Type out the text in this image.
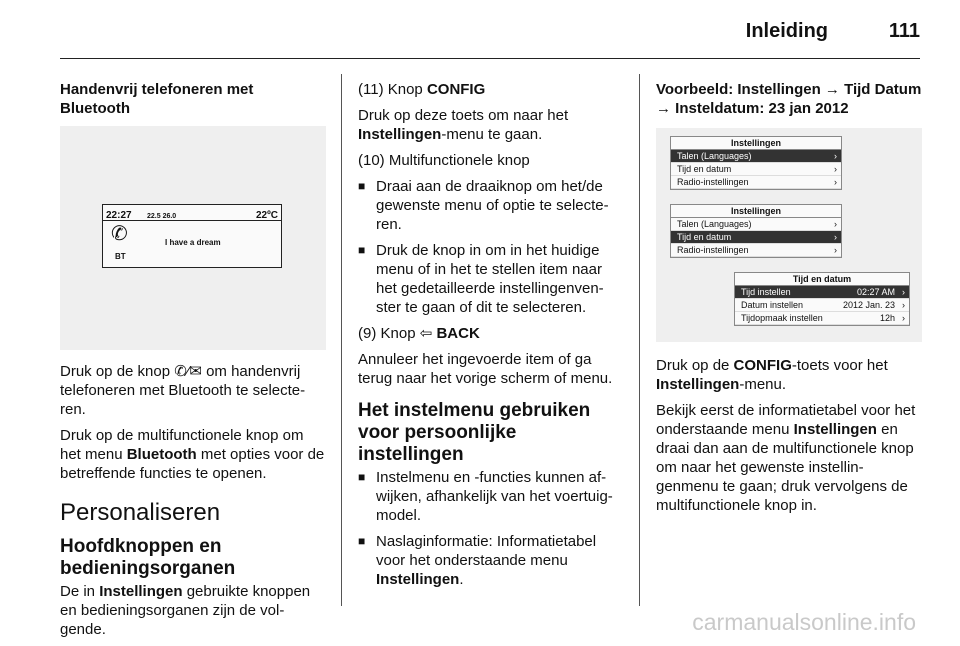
Inleiding	111
Handenvrij telefoneren met Bluetooth
22:27 22.5 26.0	22ºC
✆
BT
I have a dream

Druk op de knop ✆⁄✉ om handenvrij telefoneren met Bluetooth te selecte-ren.

Druk op de multifunctionele knop om het menu Bluetooth met opties voor de betreffende functies te openen.

Personaliseren
Hoofdknoppen en bedieningsorganen

De in Instellingen gebruikte knoppen en bedieningsorganen zijn de vol-gende.

(11) Knop CONFIG

Druk op deze toets om naar het Instellingen-menu te gaan.

(10) Multifunctionele knop

■ Draai aan de draaiknop om het/de gewenste menu of optie te selecte-ren.
■ Druk de knop in om in het huidige menu of in het te stellen item naar het gedetailleerde instellingenven-ster te gaan of dit te selecteren.

(9) Knop ⇦ BACK

Annuleer het ingevoerde item of ga terug naar het vorige scherm of menu.

Het instelmenu gebruiken voor persoonlijke instellingen
■ Instelmenu en -functies kunnen af-wijken, afhankelijk van het voertuig-model.
■ Naslaginformatie: Informatietabel voor het onderstaande menu Instellingen.
Voorbeeld: Instellingen → Tijd Datum → Insteldatum: 23 jan 2012
Instellingen
Talen (Languages)	›
Tijd en datum	›
Radio-instellingen	›
Instellingen
Talen (Languages)	›
Tijd en datum	›
Radio-instellingen	›
Tijd en datum
Tijd instellen	02:27 AM ›
Datum instellen	2012 Jan. 23 ›
Tijdopmaak instellen	12h ›

Druk op de CONFIG-toets voor het Instellingen-menu.

Bekijk eerst de informatietabel voor het onderstaande menu Instellingen en draai dan aan de multifunctionele knop om naar het gewenste instellin-genmenu te gaan; druk vervolgens de multifunctionele knop in.

carmanualsonline.info
